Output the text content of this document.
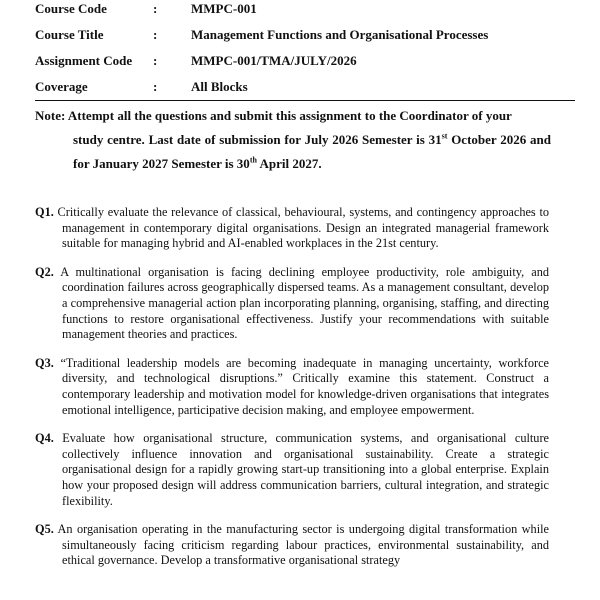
Course Code	:	MMPC-001
Course Title	:	Management Functions and Organisational Processes
Assignment Code	:	MMPC-001/TMA/JULY/2026
Coverage	:	All Blocks
Note: Attempt all the questions and submit this assignment to the Coordinator of your
study centre. Last date of submission for July 2026 Semester is 31st October 2026 and for January 2027 Semester is 30th April 2027.

Q1. Critically evaluate the relevance of classical, behavioural, systems, and contingency approaches to management in contemporary digital organisations. Design an integrated managerial framework suitable for managing hybrid and AI-enabled workplaces in the 21st century.

Q2. A multinational organisation is facing declining employee productivity, role ambiguity, and coordination failures across geographically dispersed teams. As a management consultant, develop a comprehensive managerial action plan incorporating planning, organising, staffing, and directing functions to restore organisational effectiveness. Justify your recommendations with suitable management theories and practices.

Q3. “Traditional leadership models are becoming inadequate in managing uncertainty, workforce diversity, and technological disruptions.” Critically examine this statement. Construct a contemporary leadership and motivation model for knowledge-driven organisations that integrates emotional intelligence, participative decision making, and employee empowerment.

Q4. Evaluate how organisational structure, communication systems, and organisational culture collectively influence innovation and organisational sustainability. Create a strategic organisational design for a rapidly growing start-up transitioning into a global enterprise. Explain how your proposed design will address communication barriers, cultural integration, and strategic flexibility.

Q5. An organisation operating in the manufacturing sector is undergoing digital transformation while simultaneously facing criticism regarding labour practices, environmental sustainability, and ethical governance. Develop a transformative organisational strategy
